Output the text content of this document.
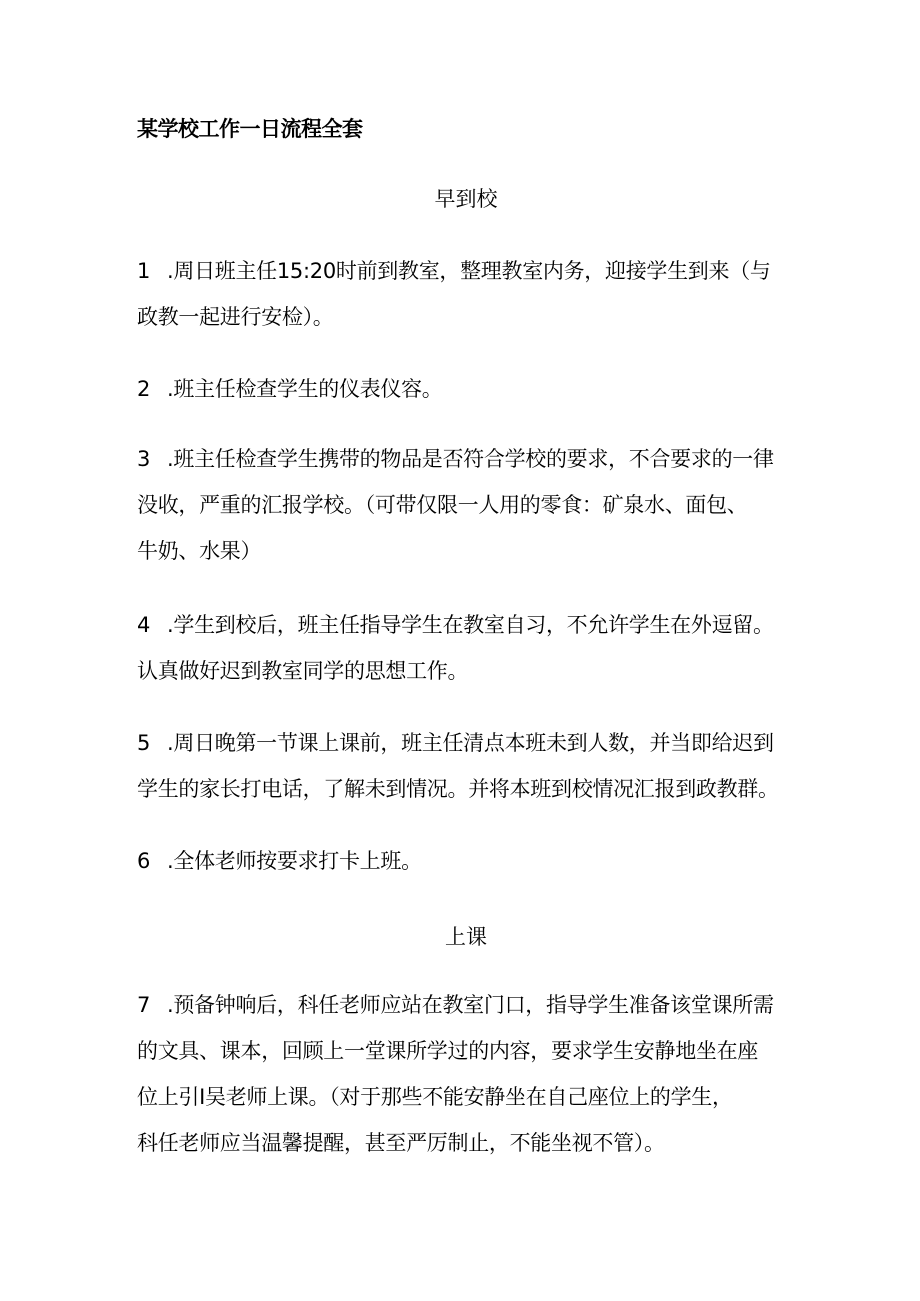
某学校工作一日流程全套
早到校
1 .周日班主任15:20时前到教室，整理教室内务，迎接学生到来（与
政教一起进行安检）。
2 .班主任检查学生的仪表仪容。
3 .班主任检查学生携带的物品是否符合学校的要求，不合要求的一律
没收，严重的汇报学校。（可带仅限一人用的零食：矿泉水、面包、
牛奶、水果）
4 .学生到校后，班主任指导学生在教室自习，不允许学生在外逗留。
认真做好迟到教室同学的思想工作。
5 .周日晚第一节课上课前，班主任清点本班未到人数，并当即给迟到
学生的家长打电话，了解未到情况。并将本班到校情况汇报到政教群。
6 .全体老师按要求打卡上班。
上课
7 .预备钟响后，科任老师应站在教室门口，指导学生准备该堂课所需
的文具、课本，回顾上一堂课所学过的内容，要求学生安静地坐在座
位上引I吴老师上课。（对于那些不能安静坐在自己座位上的学生，
科任老师应当温馨提醒，甚至严厉制止，不能坐视不管）。
